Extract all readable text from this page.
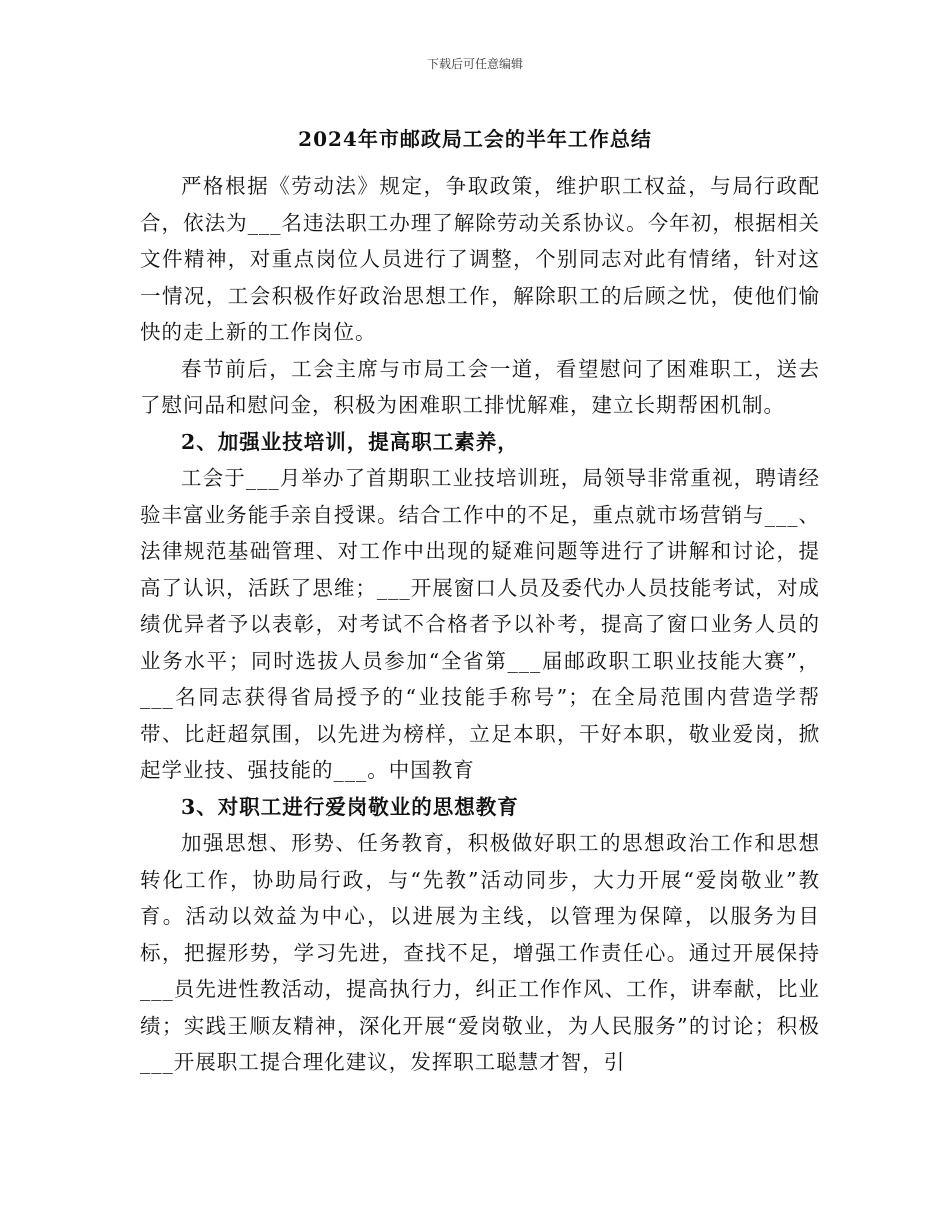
下载后可任意编辑
2024年市邮政局工会的半年工作总结

严格根据《劳动法》规定，争取政策，维护职工权益，与局行政配合，依法为___名违法职工办理了解除劳动关系协议。今年初，根据相关文件精神，对重点岗位人员进行了调整，个别同志对此有情绪，针对这一情况，工会积极作好政治思想工作，解除职工的后顾之忧，使他们愉快的走上新的工作岗位。

春节前后，工会主席与市局工会一道，看望慰问了困难职工，送去了慰问品和慰问金，积极为困难职工排忧解难，建立长期帮困机制。

2、加强业技培训，提高职工素养，

工会于___月举办了首期职工业技培训班，局领导非常重视，聘请经验丰富业务能手亲自授课。结合工作中的不足，重点就市场营销与___、法律规范基础管理、对工作中出现的疑难问题等进行了讲解和讨论，提高了认识，活跃了思维；___开展窗口人员及委代办人员技能考试，对成绩优异者予以表彰，对考试不合格者予以补考，提高了窗口业务人员的业务水平；同时选拔人员参加“全省第___届邮政职工职业技能大赛”，___名同志获得省局授予的“业技能手称号”；在全局范围内营造学帮带、比赶超氛围，以先进为榜样，立足本职，干好本职，敬业爱岗，掀起学业技、强技能的___。中国教育

3、对职工进行爱岗敬业的思想教育

加强思想、形势、任务教育，积极做好职工的思想政治工作和思想转化工作，协助局行政，与“先教”活动同步，大力开展“爱岗敬业”教育。活动以效益为中心，以进展为主线，以管理为保障，以服务为目标，把握形势，学习先进，查找不足，增强工作责任心。通过开展保持___员先进性教活动，提高执行力，纠正工作作风、工作，讲奉献，比业绩；实践王顺友精神，深化开展“爱岗敬业，为人民服务”的讨论；积极___开展职工提合理化建议，发挥职工聪慧才智，引
